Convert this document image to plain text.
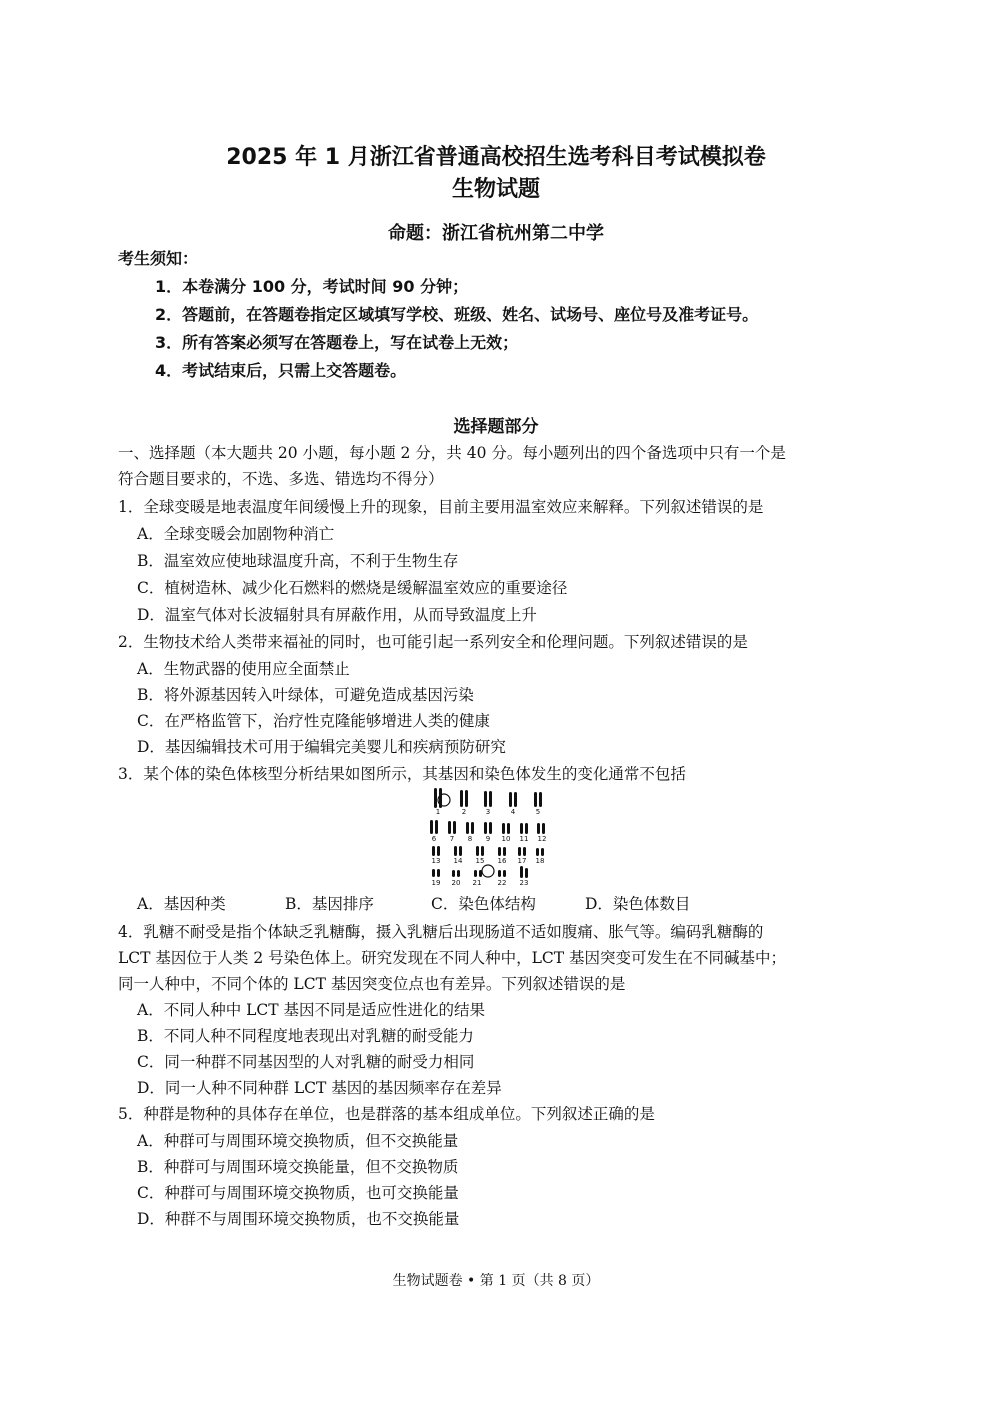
2025 年 1 月浙江省普通高校招生选考科目考试模拟卷
生物试题
命题：浙江省杭州第二中学
考生须知：
1．本卷满分 100 分，考试时间 90 分钟；
2．答题前，在答题卷指定区域填写学校、班级、姓名、试场号、座位号及准考证号。
3．所有答案必须写在答题卷上，写在试卷上无效；
4．考试结束后，只需上交答题卷。
选择题部分
一、选择题（本大题共 20 小题，每小题 2 分，共 40 分。每小题列出的四个备选项中只有一个是
符合题目要求的，不选、多选、错选均不得分）
1．全球变暖是地表温度年间缓慢上升的现象，目前主要用温室效应来解释。下列叙述错误的是
A．全球变暖会加剧物种消亡
B．温室效应使地球温度升高，不利于生物生存
C．植树造林、减少化石燃料的燃烧是缓解温室效应的重要途径
D．温室气体对长波辐射具有屏蔽作用，从而导致温度上升
2．生物技术给人类带来福祉的同时，也可能引起一系列安全和伦理问题。下列叙述错误的是
A．生物武器的使用应全面禁止
B．将外源基因转入叶绿体，可避免造成基因污染
C．在严格监管下，治疗性克隆能够增进人类的健康
D．基因编辑技术可用于编辑完美婴儿和疾病预防研究
3．某个体的染色体核型分析结果如图所示，其基因和染色体发生的变化通常不包括
1	2	3	4	5
6 7 8 9 10 11 12
13 14 15 16 17 18
19 20 21 22 23
A．基因种类	B．基因排序	C．染色体结构	D．染色体数目
4．乳糖不耐受是指个体缺乏乳糖酶，摄入乳糖后出现肠道不适如腹痛、胀气等。编码乳糖酶的
LCT 基因位于人类 2 号染色体上。研究发现在不同人种中，LCT 基因突变可发生在不同碱基中；
同一人种中，不同个体的 LCT 基因突变位点也有差异。下列叙述错误的是
A．不同人种中 LCT 基因不同是适应性进化的结果
B．不同人种不同程度地表现出对乳糖的耐受能力
C．同一种群不同基因型的人对乳糖的耐受力相同
D．同一人种不同种群 LCT 基因的基因频率存在差异
5．种群是物种的具体存在单位，也是群落的基本组成单位。下列叙述正确的是
A．种群可与周围环境交换物质，但不交换能量
B．种群可与周围环境交换能量，但不交换物质
C．种群可与周围环境交换物质，也可交换能量
D．种群不与周围环境交换物质，也不交换能量
生物试题卷 • 第 1 页（共 8 页）
